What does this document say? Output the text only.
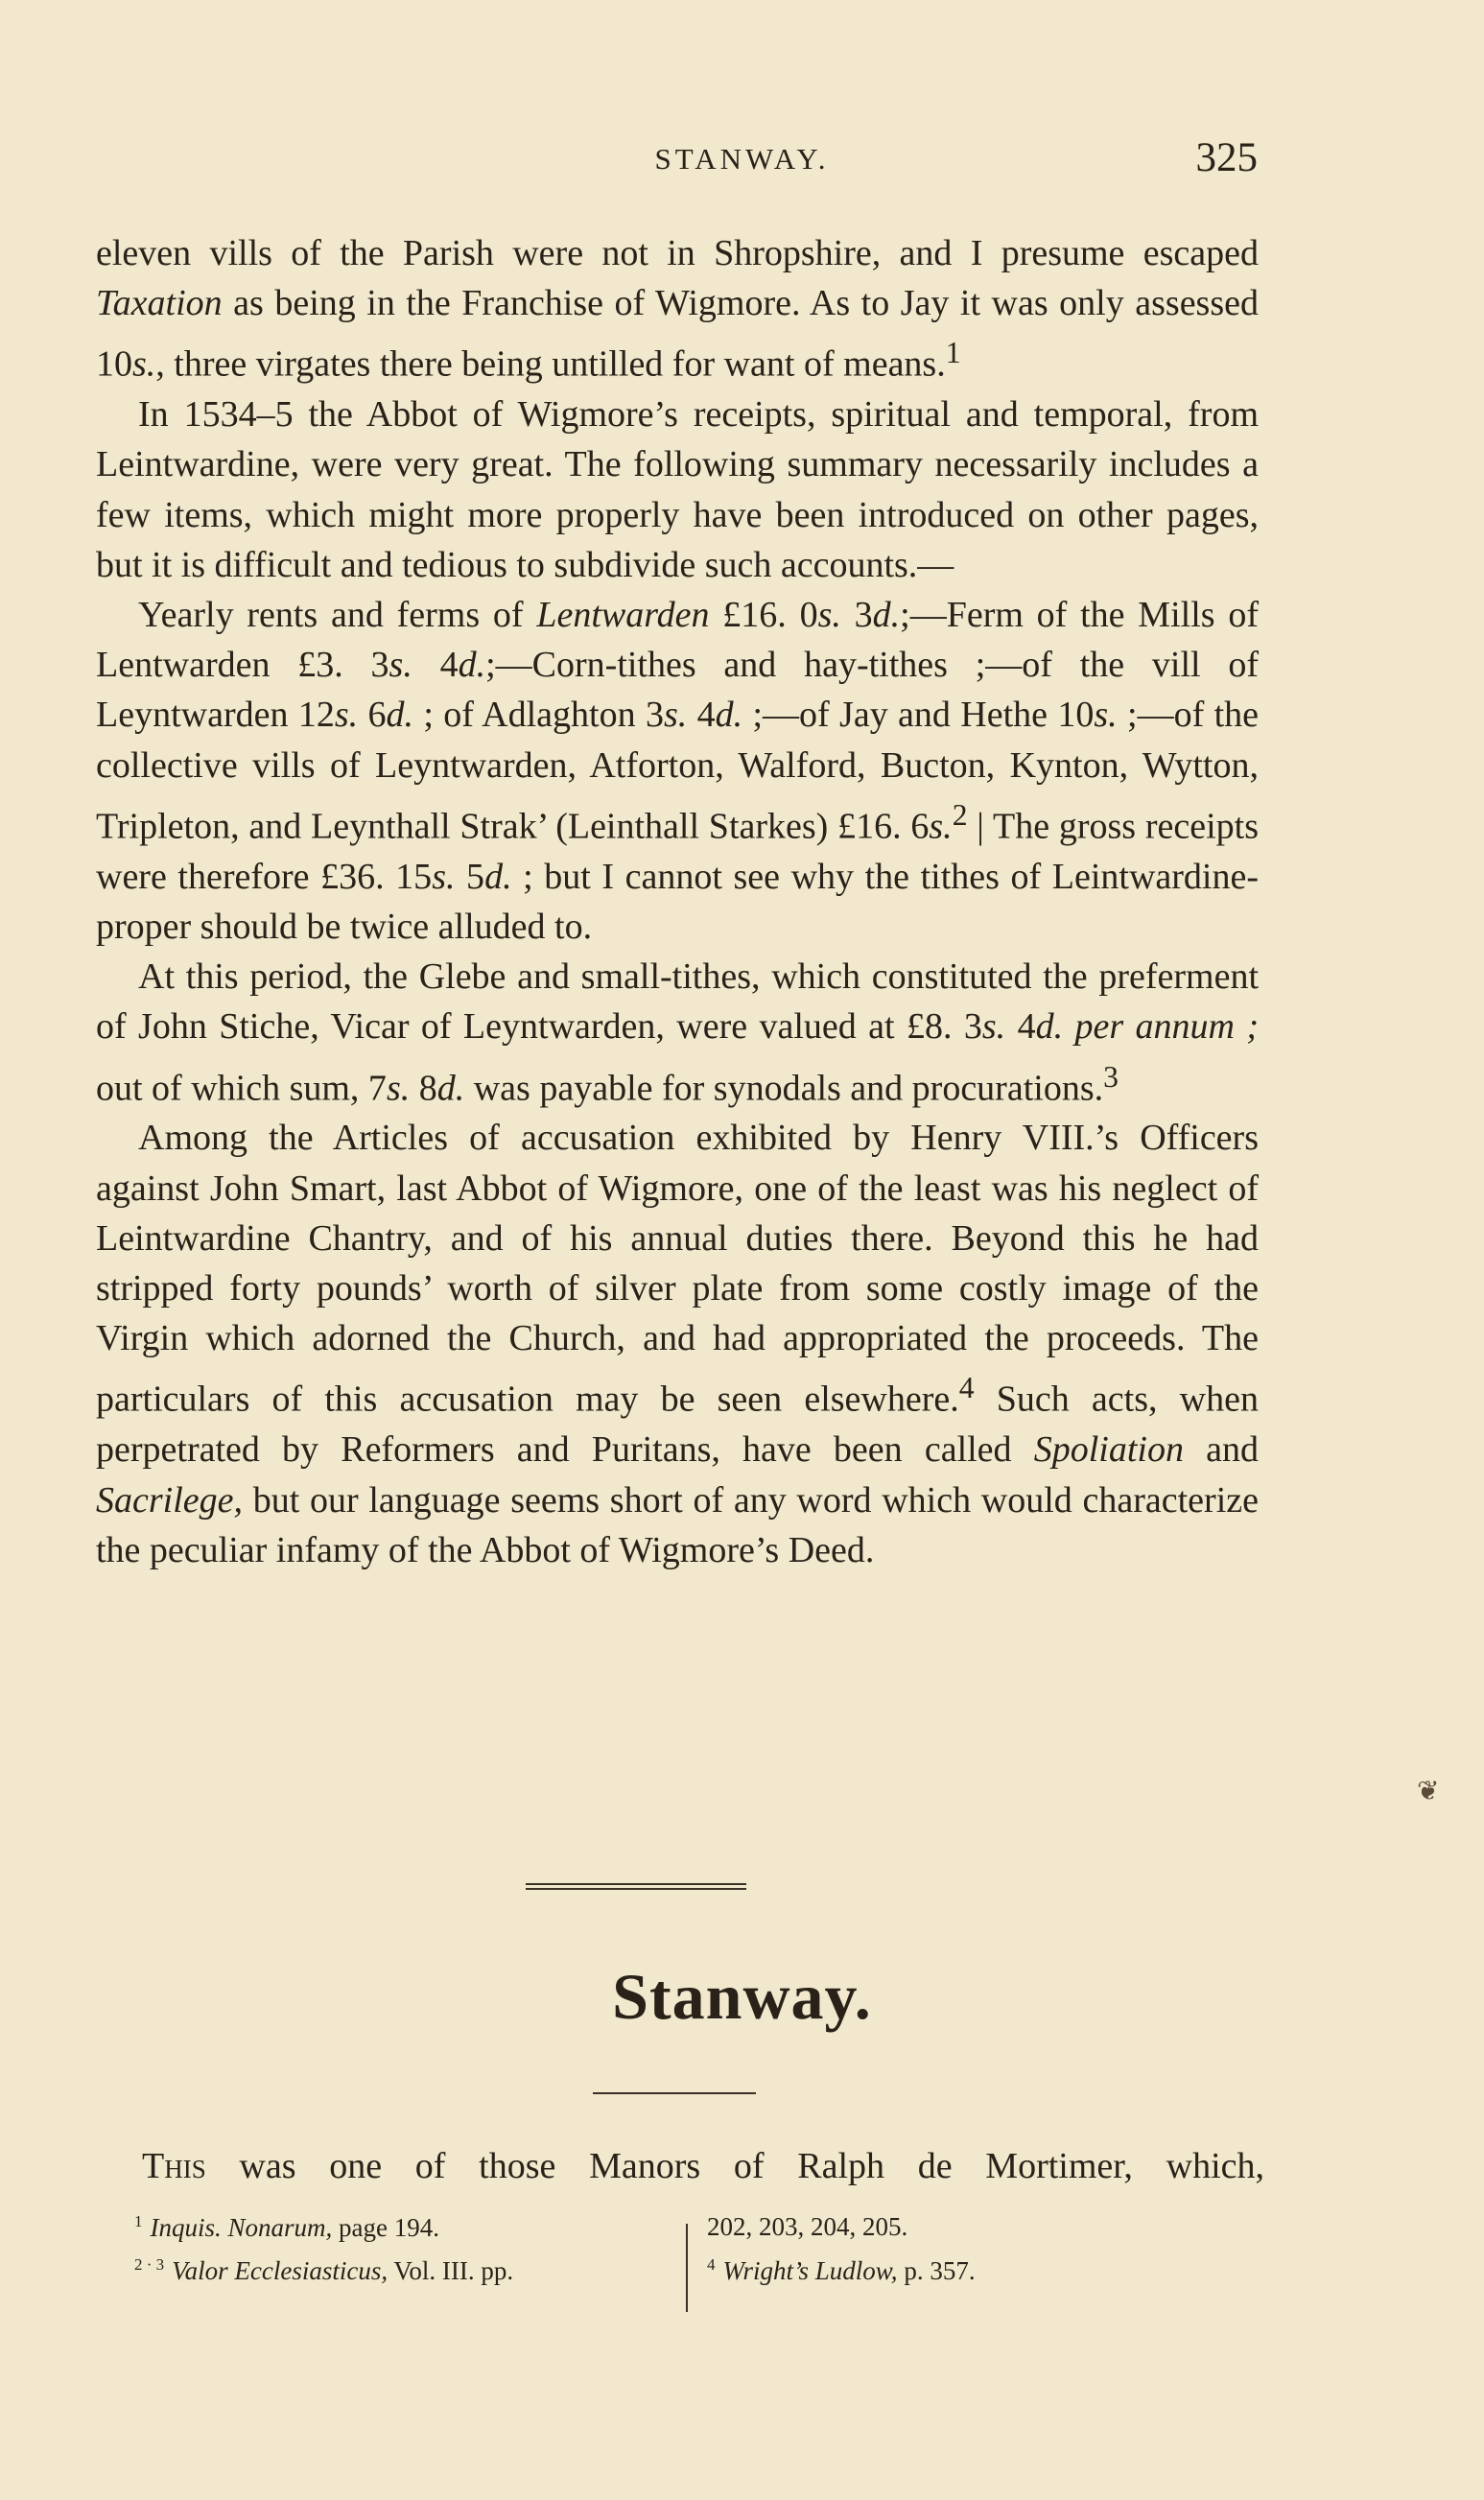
STANWAY.	325

eleven vills of the Parish were not in Shropshire, and I presume escaped Taxation as being in the Franchise of Wigmore. As to Jay it was only assessed 10s., three virgates there being untilled for want of means.$^1$

In 1534–5 the Abbot of Wigmore’s receipts, spiritual and temporal, from Leintwardine, were very great. The following summary necessarily includes a few items, which might more properly have been introduced on other pages, but it is difficult and tedious to subdivide such accounts.—

Yearly rents and ferms of Lentwarden £16. 0s. 3d.;—Ferm of the Mills of Lentwarden £3. 3s. 4d.;—Corn-tithes and hay-tithes ;—of the vill of Leyntwarden 12s. 6d. ; of Adlaghton 3s. 4d. ;—of Jay and Hethe 10s. ;—of the collective vills of Leyntwarden, Atforton, Walford, Bucton, Kynton, Wytton, Tripleton, and Leynthall Strak’ (Leinthall Starkes) £16. 6s.$^2$ | The gross receipts were therefore £36. 15s. 5d. ; but I cannot see why the tithes of Leintwardine-proper should be twice alluded to.

At this period, the Glebe and small-tithes, which constituted the preferment of John Stiche, Vicar of Leyntwarden, were valued at £8. 3s. 4d. per annum ; out of which sum, 7s. 8d. was payable for synodals and procurations.$^3$

Among the Articles of accusation exhibited by Henry VIII.’s Officers against John Smart, last Abbot of Wigmore, one of the least was his neglect of Leintwardine Chantry, and of his annual duties there. Beyond this he had stripped forty pounds’ worth of silver plate from some costly image of the Virgin which adorned the Church, and had appropriated the proceeds. The particulars of this accusation may be seen elsewhere.$^4$ Such acts, when perpetrated by Reformers and Puritans, have been called Spoliation and Sacrilege, but our language seems short of any word which would characterize the peculiar infamy of the Abbot of Wigmore’s Deed.

❦
Stanway.
This was one of those Manors of Ralph de Mortimer, which,
$^1$ Inquis. Nonarum, page 194.
$^{2 \cdot 3}$ Valor Ecclesiasticus, Vol. III. pp.
202, 203, 204, 205.
$^4$ Wright’s Ludlow, p. 357.
